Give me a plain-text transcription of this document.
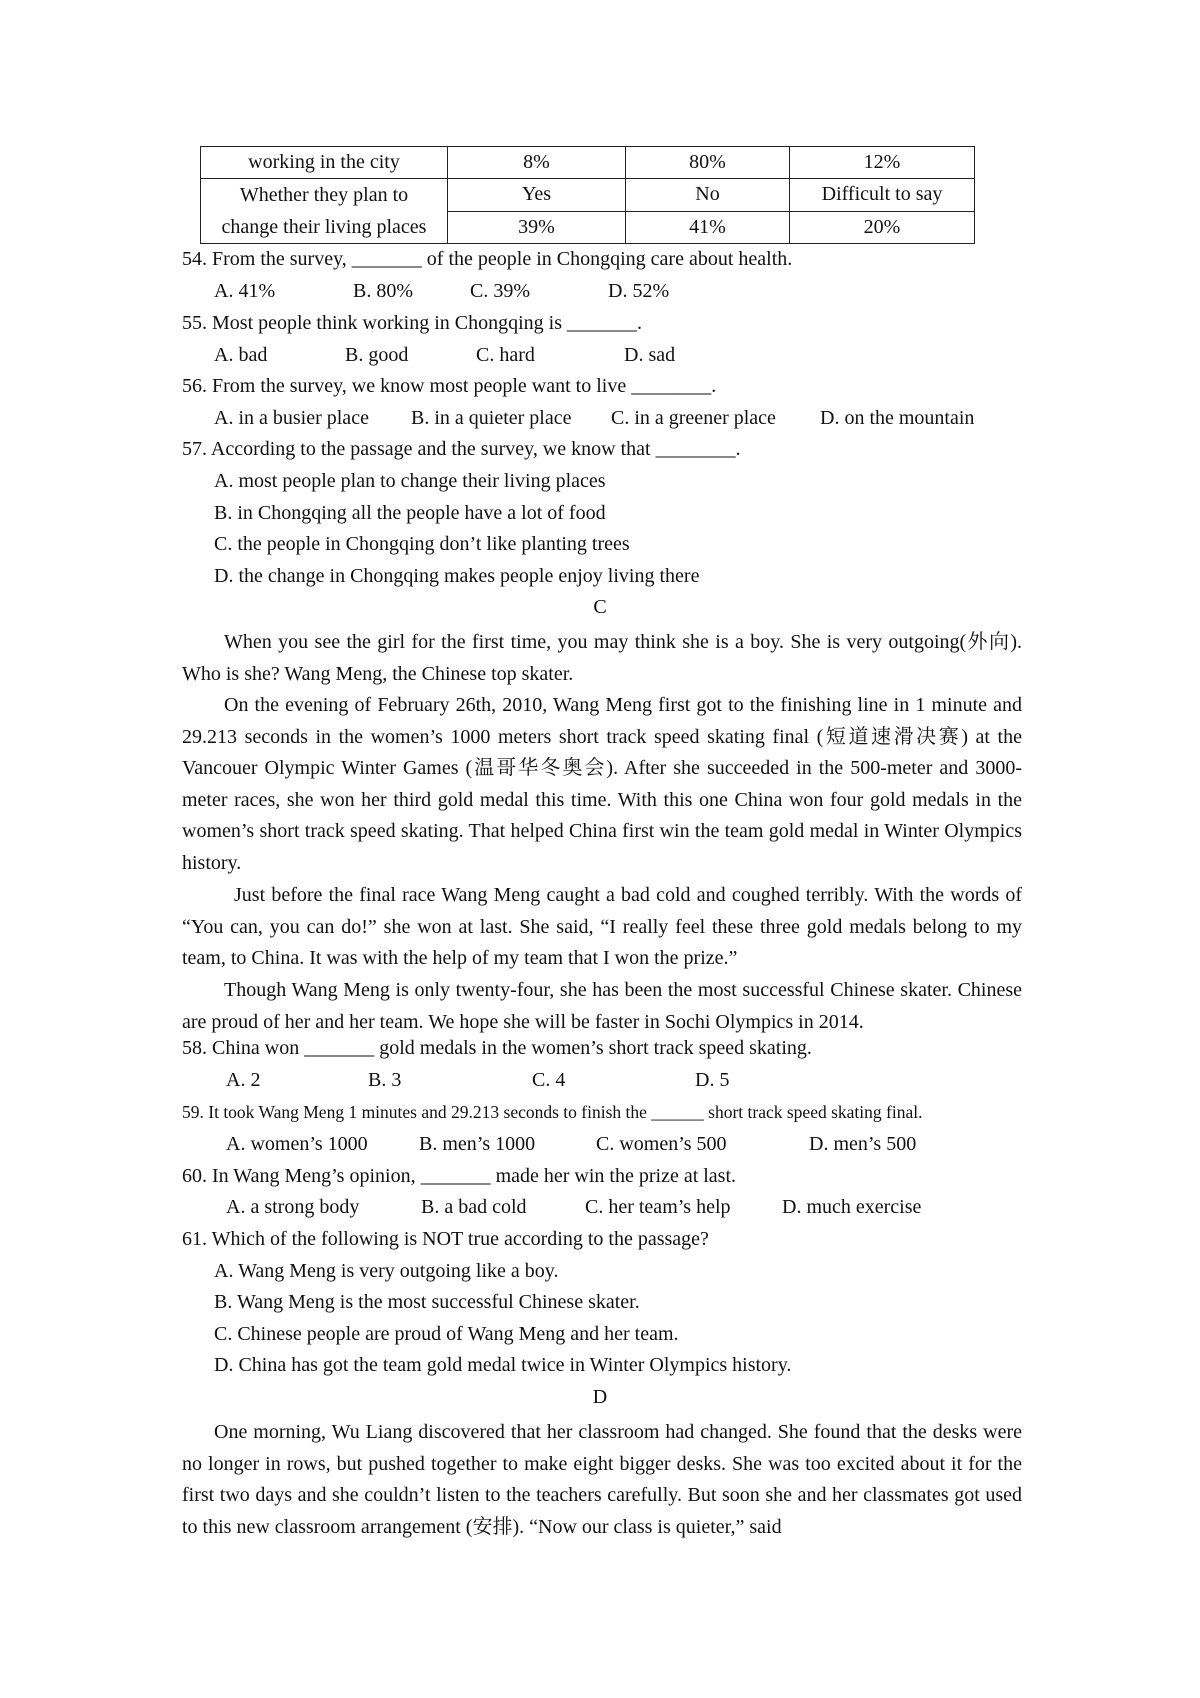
working in the city	8%	80%	12%
Whether they plan to
change their living places	Yes	No	Difficult to say
	39%	41%	20%
54. From the survey, _______ of the people in Chongqing care about health.
A. 41%	B. 80%	C. 39%	D. 52%
55. Most people think working in Chongqing is _______.
A. bad	B. good	C. hard	D. sad
56. From the survey, we know most people want to live ________.
A. in a busier place B. in a quieter place C. in a greener place D. on the mountain
57. According to the passage and the survey, we know that ________.
A. most people plan to change their living places
B. in Chongqing all the people have a lot of food
C. the people in Chongqing don’t like planting trees
D. the change in Chongqing makes people enjoy living there
C
When you see the girl for the first time, you may think she is a boy. She is very outgoing(外向). Who is she? Wang Meng, the Chinese top skater.
On the evening of February 26th, 2010, Wang Meng first got to the finishing line in 1 minute and 29.213 seconds in the women’s 1000 meters short track speed skating final (短道速滑决赛) at the Vancouer Olympic Winter Games (温哥华冬奥会). After she succeeded in the 500-meter and 3000-meter races, she won her third gold medal this time. With this one China won four gold medals in the women’s short track speed skating. That helped China first win the team gold medal in Winter Olympics history.
Just before the final race Wang Meng caught a bad cold and coughed terribly. With the words of “You can, you can do!” she won at last. She said, “I really feel these three gold medals belong to my team, to China. It was with the help of my team that I won the prize.”
Though Wang Meng is only twenty-four, she has been the most successful Chinese skater. Chinese are proud of her and her team. We hope she will be faster in Sochi Olympics in 2014.
58. China won _______ gold medals in the women’s short track speed skating.
A. 2	B. 3	C. 4	D. 5
59. It took Wang Meng 1 minutes and 29.213 seconds to finish the ______ short track speed skating final.
A. women’s 1000	B. men’s 1000	C. women’s 500	D. men’s 500
60. In Wang Meng’s opinion, _______ made her win the prize at last.
A. a strong body	B. a bad cold	C. her team’s help	D. much exercise
61. Which of the following is NOT true according to the passage?
A. Wang Meng is very outgoing like a boy.
B. Wang Meng is the most successful Chinese skater.
C. Chinese people are proud of Wang Meng and her team.
D. China has got the team gold medal twice in Winter Olympics history.
D
One morning, Wu Liang discovered that her classroom had changed. She found that the desks were no longer in rows, but pushed together to make eight bigger desks. She was too excited about it for the first two days and she couldn’t listen to the teachers carefully. But soon she and her classmates got used to this new classroom arrangement (安排). “Now our class is quieter,” said
